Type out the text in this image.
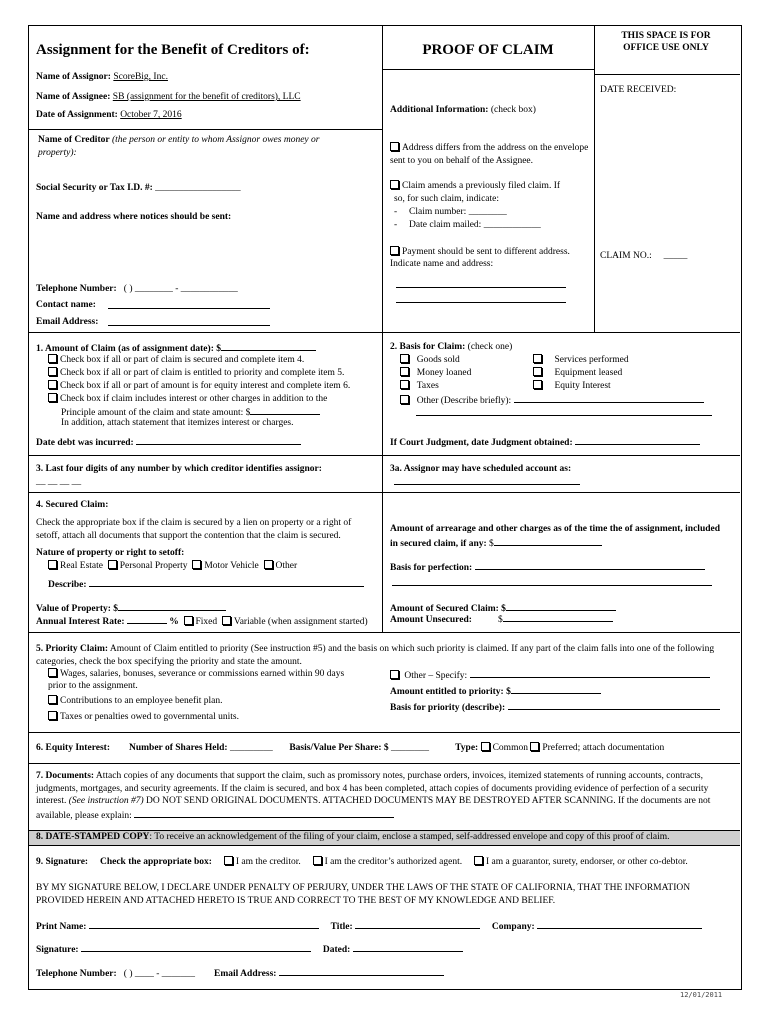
Assignment for the Benefit of Creditors of:	PROOF OF CLAIM
THIS SPACE IS FOR OFFICE USE ONLY
DATE RECEIVED:
CLAIM NO.: _____
Name of Assignor: ScoreBig, Inc.
Name of Assignee: SB (assignment for the benefit of creditors), LLC
Date of Assignment: October 7, 2016
Name of Creditor (the person or entity to whom Assignor owes money or property):
Social Security or Tax I.D. #: __________________
Name and address where notices should be sent:
Telephone Number: ( ) ________ - ____________
Contact name:
Email Address:
Additional Information: (check box)
Address differs from the address on the envelope sent to you on behalf of the Assignee.
Claim amends a previously filed claim. If
so, for such claim, indicate:
-     Claim number: ________
-     Date claim mailed: ____________
Payment should be sent to different address.
Indicate name and address:
1. Amount of Claim (as of assignment date): $
Check box if all or part of claim is secured and complete item 4.
Check box if all or part of claim is entitled to priority and complete item 5.
Check box if all or part of amount is for equity interest and complete item 6.
Check box if claim includes interest or other charges in addition to the
Principle amount of the claim and state amount: $
In addition, attach statement that itemizes interest or charges.
Date debt was incurred:
2. Basis for Claim: (check one)
Goods sold	Services performed
Money loaned	Equipment leased
Taxes	Equity Interest
Other (Describe briefly):
If Court Judgment, date Judgment obtained:
3. Last four digits of any number by which creditor identifies assignor:
__ __ __ __
3a. Assignor may have scheduled account as:
4. Secured Claim:
Check the appropriate box if the claim is secured by a lien on property or a right of setoff, attach all documents that support the contention that the claim is secured.
Nature of property or right to setoff:
Real Estate Personal Property Motor Vehicle Other
Describe:
Value of Property: $
Annual Interest Rate:	% Fixed Variable (when assignment started)
Amount of arrearage and other charges as of the time the of assignment, included in secured claim, if any: $
Basis for perfection:
Amount of Secured Claim: $
Amount Unsecured:	$
5. Priority Claim: Amount of Claim entitled to priority (See instruction #5) and the basis on which such priority is claimed. If any part of the claim falls into one of the following categories, check the box specifying the priority and state the amount.
Wages, salaries, bonuses, severance or commissions earned within 90 days
prior to the assignment.
Contributions to an employee benefit plan.
Taxes or penalties owed to governmental units.
Other – Specify:
Amount entitled to priority: $
Basis for priority (describe):
6. Equity Interest: Number of Shares Held: _________ Basis/Value Per Share: $ ________	Type: Common Preferred; attach documentation
7. Documents: Attach copies of any documents that support the claim, such as promissory notes, purchase orders, invoices, itemized statements of running accounts, contracts, judgments, mortgages, and security agreements. If the claim is secured, and box 4 has been completed, attach copies of documents providing evidence of perfection of a security interest. (See instruction #7) DO NOT SEND ORIGINAL DOCUMENTS. ATTACHED DOCUMENTS MAY BE DESTROYED AFTER SCANNING. If the documents are not available, please explain:
8. DATE-STAMPED COPY: To receive an acknowledgement of the filing of your claim, enclose a stamped, self-addressed envelope and copy of this proof of claim.
9. Signature: Check the appropriate box:	I am the creditor.	I am the creditor’s authorized agent.	I am a guarantor, surety, endorser, or other co-debtor.
BY MY SIGNATURE BELOW, I DECLARE UNDER PENALTY OF PERJURY, UNDER THE LAWS OF THE STATE OF CALIFORNIA, THAT THE INFORMATION PROVIDED HEREIN AND ATTACHED HERETO IS TRUE AND CORRECT TO THE BEST OF MY KNOWLEDGE AND BELIEF.
Print Name:	Title:	Company:
Signature:	Dated:
Telephone Number: ( ) ____ - _______ Email Address:
12/01/2011
